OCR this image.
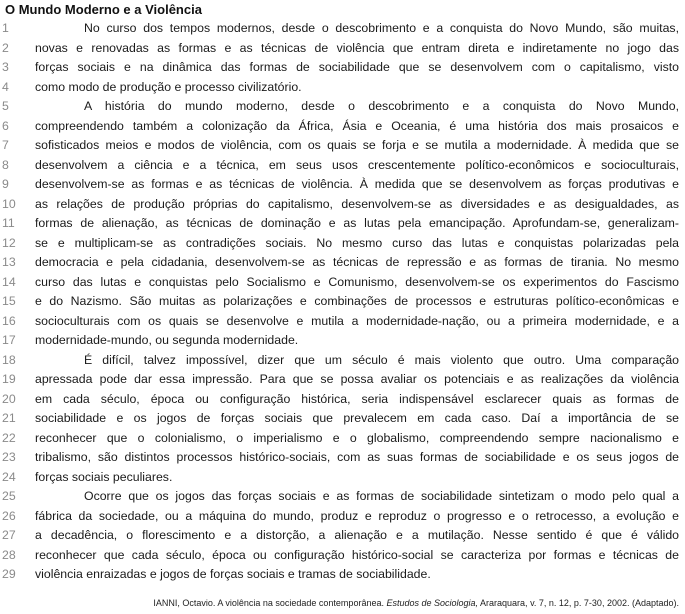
O Mundo Moderno e a Violência
1	No curso dos tempos modernos, desde o descobrimento e a conquista do Novo Mundo, são muitas,
2	novas e renovadas as formas e as técnicas de violência que entram direta e indiretamente no jogo das
3	forças sociais e na dinâmica das formas de sociabilidade que se desenvolvem com o capitalismo, visto
4	como modo de produção e processo civilizatório.
5	A história do mundo moderno, desde o descobrimento e a conquista do Novo Mundo,
6	compreendendo também a colonização da África, Ásia e Oceania, é uma história dos mais prosaicos e
7	sofisticados meios e modos de violência, com os quais se forja e se mutila a modernidade. À medida que se
8	desenvolvem a ciência e a técnica, em seus usos crescentemente político-econômicos e socioculturais,
9	desenvolvem-se as formas e as técnicas de violência. À medida que se desenvolvem as forças produtivas e
10	as relações de produção próprias do capitalismo, desenvolvem-se as diversidades e as desigualdades, as
11	formas de alienação, as técnicas de dominação e as lutas pela emancipação. Aprofundam-se, generalizam-
12	se e multiplicam-se as contradições sociais. No mesmo curso das lutas e conquistas polarizadas pela
13	democracia e pela cidadania, desenvolvem-se as técnicas de repressão e as formas de tirania. No mesmo
14	curso das lutas e conquistas pelo Socialismo e Comunismo, desenvolvem-se os experimentos do Fascismo
15	e do Nazismo. São muitas as polarizações e combinações de processos e estruturas político-econômicas e
16	socioculturais com os quais se desenvolve e mutila a modernidade-nação, ou a primeira modernidade, e a
17	modernidade-mundo, ou segunda modernidade.
18	É difícil, talvez impossível, dizer que um século é mais violento que outro. Uma comparação
19	apressada pode dar essa impressão. Para que se possa avaliar os potenciais e as realizações da violência
20	em cada século, época ou configuração histórica, seria indispensável esclarecer quais as formas de
21	sociabilidade e os jogos de forças sociais que prevalecem em cada caso. Daí a importância de se
22	reconhecer que o colonialismo, o imperialismo e o globalismo, compreendendo sempre nacionalismo e
23	tribalismo, são distintos processos histórico-sociais, com as suas formas de sociabilidade e os seus jogos de
24	forças sociais peculiares.
25	Ocorre que os jogos das forças sociais e as formas de sociabilidade sintetizam o modo pelo qual a
26	fábrica da sociedade, ou a máquina do mundo, produz e reproduz o progresso e o retrocesso, a evolução e
27	a decadência, o florescimento e a distorção, a alienação e a mutilação. Nesse sentido é que é válido
28	reconhecer que cada século, época ou configuração histórico-social se caracteriza por formas e técnicas de
29	violência enraizadas e jogos de forças sociais e tramas de sociabilidade.
IANNI, Octavio. A violência na sociedade contemporânea. Estudos de Sociologia, Araraquara, v. 7, n. 12, p. 7-30, 2002. (Adaptado).
